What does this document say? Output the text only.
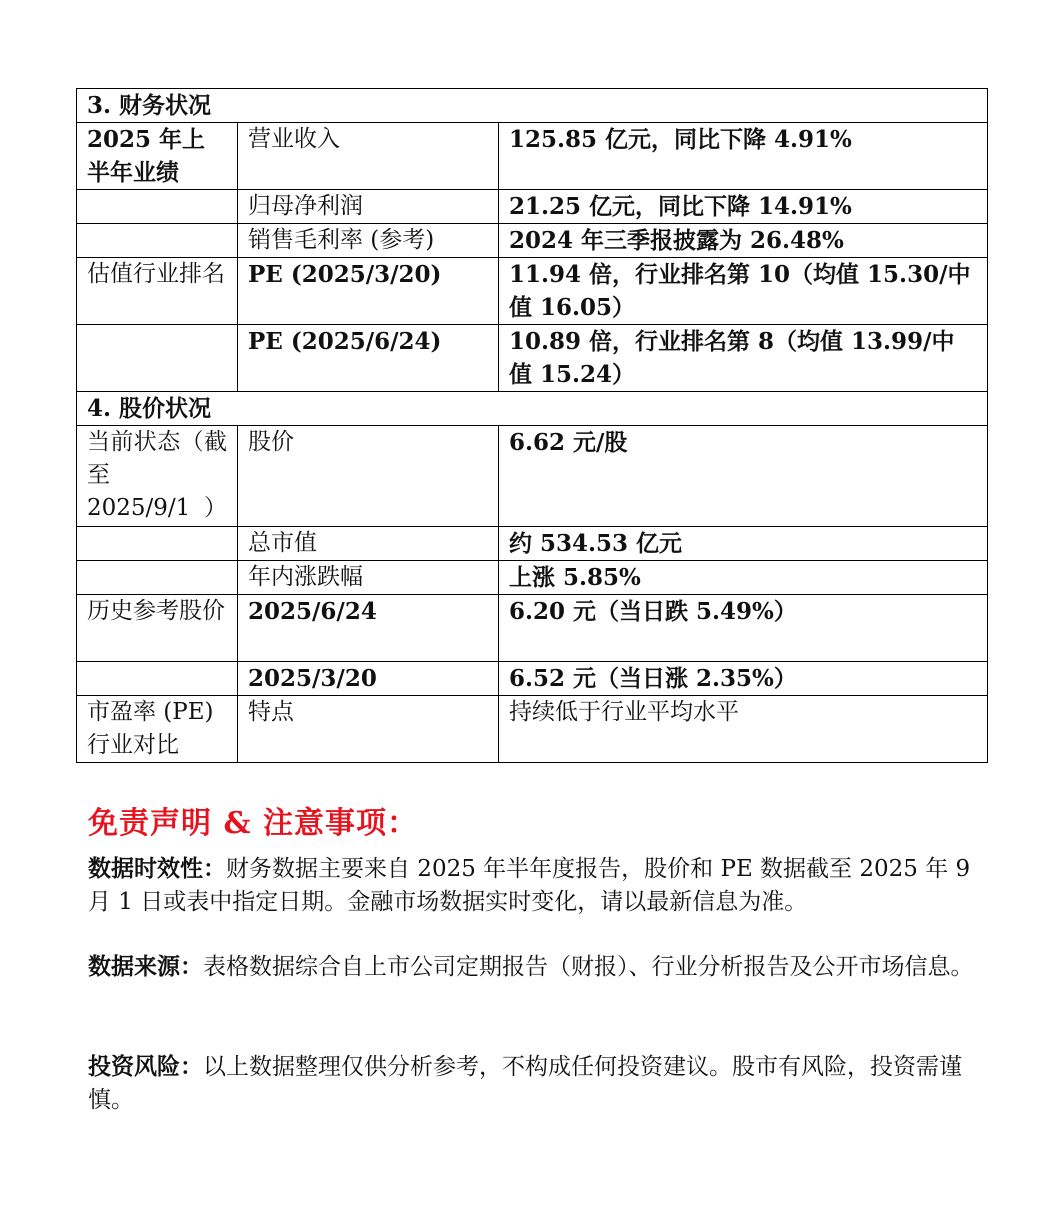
3. 财务状况		
2025 年上半年业绩	营业收入	125.85 亿元，同比下降 4.91%
	归母净利润	21.25 亿元，同比下降 14.91%
	销售毛利率 (参考)	2024 年三季报披露为 26.48%
估值行业排名	PE (2025/3/20)	11.94 倍，行业排名第 10（均值 15.30/中值 16.05）
	PE (2025/6/24)	10.89 倍，行业排名第 8（均值 13.99/中值 15.24）
4. 股价状况		
当前状态（截至 2025/9/1）	股价	6.62 元/股
	总市值	约 534.53 亿元
	年内涨跌幅	上涨 5.85%
历史参考股价	2025/6/24	6.20 元（当日跌 5.49%）
	2025/3/20	6.52 元（当日涨 2.35%）
市盈率 (PE) 行业对比	特点	持续低于行业平均水平
免责声明 & 注意事项：
数据时效性：财务数据主要来自 2025 年半年度报告，股价和 PE 数据截至 2025 年 9 月 1 日或表中指定日期。金融市场数据实时变化，请以最新信息为准。
数据来源：表格数据综合自上市公司定期报告（财报）、行业分析报告及公开市场信息。
投资风险：以上数据整理仅供分析参考，不构成任何投资建议。股市有风险，投资需谨慎。
